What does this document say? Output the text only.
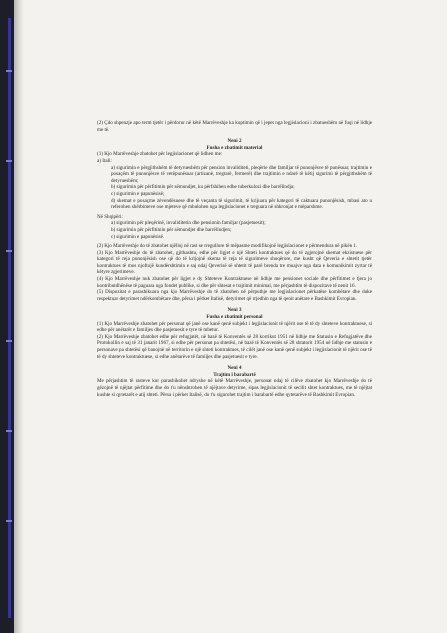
(2) Çdo shpenzje apo term tjetër i përdorur në këtë Marrëveshje ka kuptimin që i jepet nga legjislacioni i zbatueshëm në fuqi në lidhje me të.

Neni 2

Fusha e zbatimit material

(1) Kjo Marrëveshje zbatohet për legjislacionet që lidhen me:

a) Itali:

a) sigurimin e përgjithshëm të detyrueshëm për pension invaliditeti, pleqërie dhe familjar të punonjësve të punësuar, trajtimin e posaçëm të punonjësve të vetëpunësuar (artizanë, tregtarë, fermerë) dhe trajtimin e ndarë të këtij sigurimi të përgjithshëm të detyrueshëm;

b) sigurimin për përfitimin për sëmundjet, ku përfshihen edhe tuberkulozi dhe barrëlindja;

c) sigurimin e papunësisë;

d) skemat e posaçme zëvendësuese dhe të veçanta të sigurimit, të krijuara për kategori të caktuara punonjësish, mbasi ato u referohen shërbimeve ose mjeteve që mbulohen nga legjislacionet e treguara në shkronjat e mëparshme.

Në Shqipëri:

a) sigurimin për pleqërinë, invaliditetin dhe pensionin familjar (pasjetuesit);

b) sigurimin për përfitimin për sëmundjet dhe barrëlindjen;

c) sigurimin e papunësisë.

(2) Kjo Marrëveshje do të zbatohet njëlloj në rast se rregullore të mëpasme modifikojnë legjislacionet e përmendura në pikën 1.

(3) Kjo Marrëveshje do të zbatohet, gjithashtu, edhe për ligjet e një Shteti kontraktues që do të zgjerojnë skemat ekzistuese për kategori të reja punonjësish ose që do të krijojnë skema të reja të sigurimeve shoqërore, me kusht që Qeveria e shtetit tjetër kontraktues të mos njoftojë kundërshtimin e saj ndaj Qeverisë së shtetit të parë brenda tre muajve nga data e komunikimit zyrtar të këtyre zgjerimeve.

(4) Kjo Marrëveshje nuk zbatohet për ligjet e dy Shteteve Kontraktuese në lidhje me pensionet sociale dhe përfitimet e tjera jo kontributdhënëse të paguara nga fondet publike, si dhe për shtesat e trajtimit minimal, me përjashtim të dispozitave të nenit 16.

(5) Dispozitat e parashikuara nga kjo Marrëveshje do të zbatohen në përputhje me legjislacionet përkatëse kombëtare dhe duke respektuar detyrimet ndërkombëtare dhe, përsa i përket Italisë, detyrimet që rrjedhin nga të qenit anëtare e Bashkimit Evropian.

Neni 3

Fusha e zbatimit personal

(1) Kjo Marrëveshje zbatohet për personat që janë ose kanë qenë subjekt i legjislacionit të njërit ose të të dy shteteve kontraktuese, si edhe për anëtarët e familjes dhe pasjetuesit e tyre të mbetur.

(2) Kjo Marrëveshje zbatohet edhe për refugjatët, në bazë të Konventës së 28 korrikut 1951 në lidhje me Statusin e Refugjatëve dhe Protokollin e saj të 31 janarit 1967, si edhe për personat pa shtetësi, në bazë të Konventës së 28 shtatorit 1954 në lidhje me statusin e personave pa shtetësi që banojnë në territorin e një shteti kontraktues, të cilët janë ose kanë qenë subjekt i legjislacionit të njërit ose të të dy shteteve kontraktuese, si edhe anëtarëve të familjes dhe pasjetuesit e tyre.

Neni 4

Trajtim i barabartë

Me përjashtim të rasteve kur parashikohet ndryshe në këtë Marrëveshje, personat ndaj të cilëve zbatohet kjo Marrëveshje do të gëzojnë të njëjtat përfitime dhe do t'u nënshtrohen të njëjtave detyrime, sipas legjislacionit të secilit shtet kontraktues, me të njëjtat kushte si qytetarët e atij shteti. Përsa i përket Italisë, do t'u sigurohet trajtim i barabartë edhe qytetarëve të Bashkimit Evropian.
